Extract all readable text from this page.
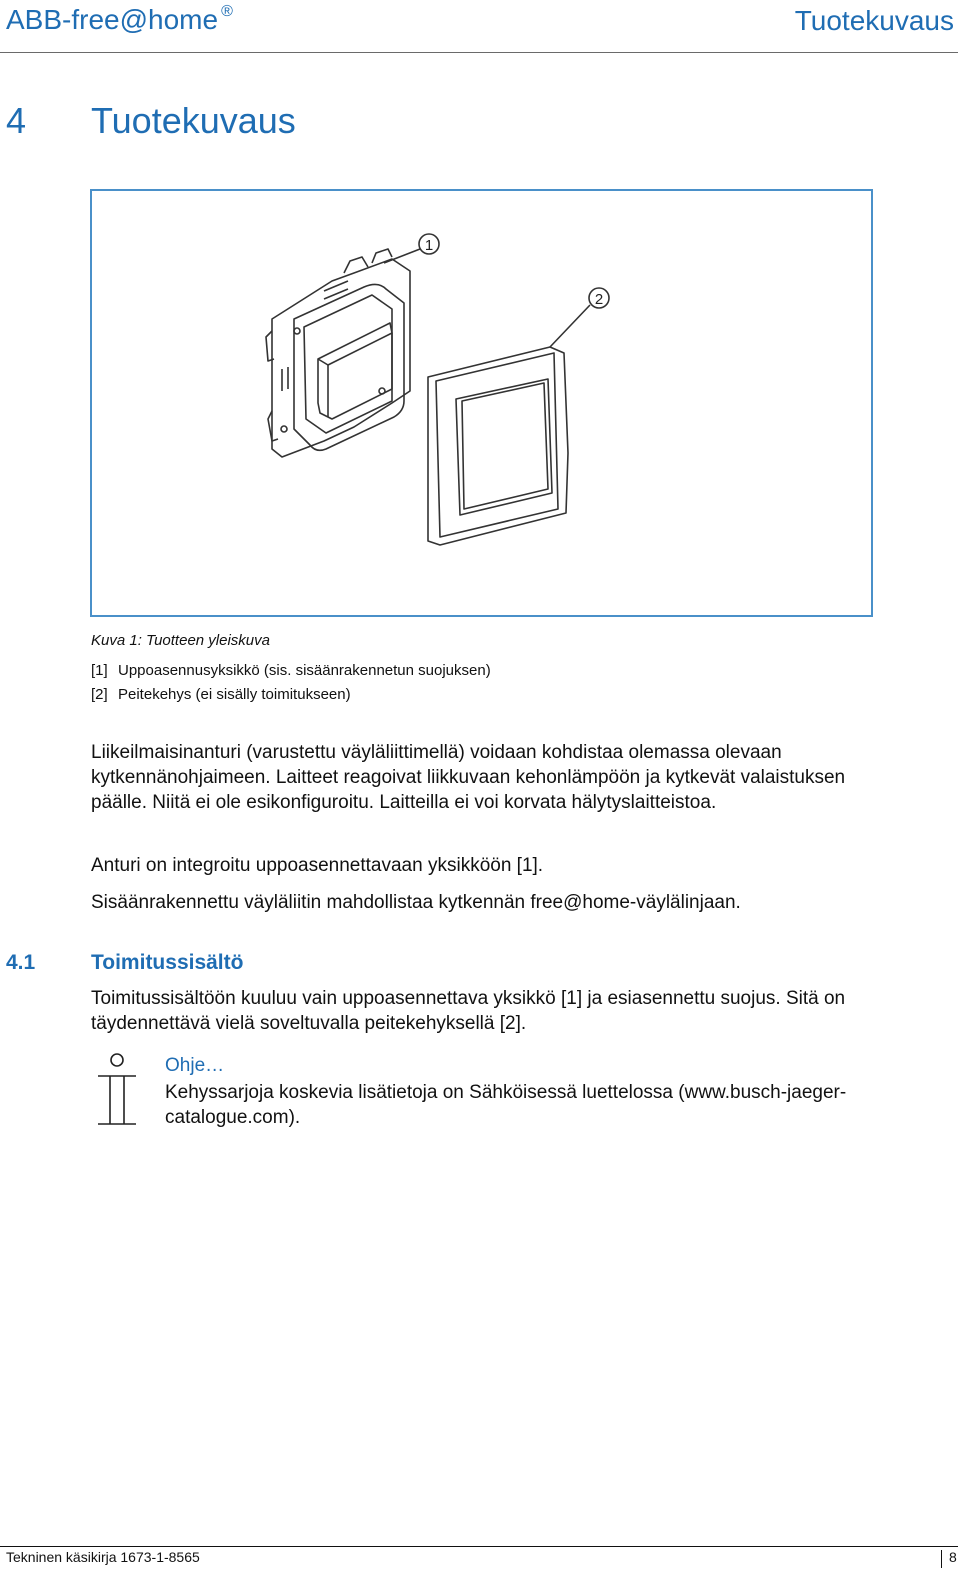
ABB-free@home ®	Tuotekuvaus
4 Tuotekuvaus
1
2
Kuva 1: Tuotteen yleiskuva
[1] Uppoasennusyksikkö (sis. sisäänrakennetun suojuksen)
[2] Peitekehys (ei sisälly toimitukseen)
Liikeilmaisinanturi (varustettu väyläliittimellä) voidaan kohdistaa olemassa olevaan kytkennänohjaimeen. Laitteet reagoivat liikkuvaan kehonlämpöön ja kytkevät valaistuksen päälle. Niitä ei ole esikonfiguroitu. Laitteilla ei voi korvata hälytyslaitteistoa.
Anturi on integroitu uppoasennettavaan yksikköön [1].
Sisäänrakennettu väyläliitin mahdollistaa kytkennän free@home-väylälinjaan.
4.1	Toimitussisältö
Toimitussisältöön kuuluu vain uppoasennettava yksikkö [1] ja esiasennettu suojus. Sitä on täydennettävä vielä soveltuvalla peitekehyksellä [2].
Ohje…
Kehyssarjoja koskevia lisätietoja on Sähköisessä luettelossa (www.busch-jaeger-catalogue.com).
Tekninen käsikirja 1673-1-8565	8
